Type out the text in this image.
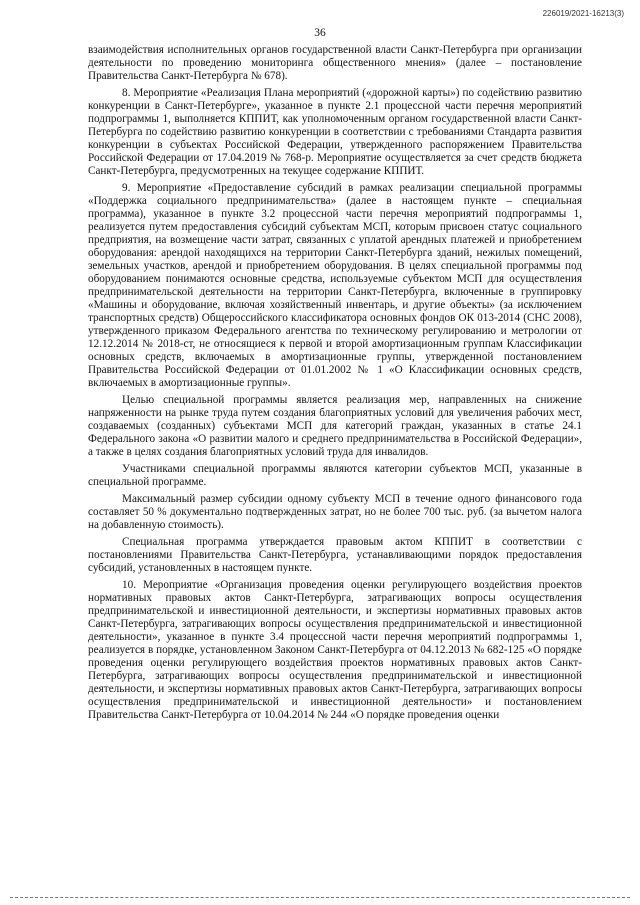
226019/2021-16213(3)
36

взаимодействия исполнительных органов государственной власти Санкт-Петербурга при организации деятельности по проведению мониторинга общественного мнения» (далее – постановление Правительства Санкт-Петербурга № 678).

8. Мероприятие «Реализация Плана мероприятий («дорожной карты») по содействию развитию конкуренции в Санкт-Петербурге», указанное в пункте 2.1 процессной части перечня мероприятий подпрограммы 1, выполняется КППИТ, как уполномоченным органом государственной власти Санкт-Петербурга по содействию развитию конкуренции в соответствии с требованиями Стандарта развития конкуренции в субъектах Российской Федерации, утвержденного распоряжением Правительства Российской Федерации от 17.04.2019 № 768-р. Мероприятие осуществляется за счет средств бюджета Санкт-Петербурга, предусмотренных на текущее содержание КППИТ.

9. Мероприятие «Предоставление субсидий в рамках реализации специальной программы «Поддержка социального предпринимательства» (далее в настоящем пункте – специальная программа), указанное в пункте 3.2 процессной части перечня мероприятий подпрограммы 1, реализуется путем предоставления субсидий субъектам МСП, которым присвоен статус социального предприятия, на возмещение части затрат, связанных с уплатой арендных платежей и приобретением оборудования: арендой находящихся на территории Санкт-Петербурга зданий, нежилых помещений, земельных участков, арендой и приобретением оборудования. В целях специальной программы под оборудованием понимаются основные средства, используемые субъектом МСП для осуществления предпринимательской деятельности на территории Санкт-Петербурга, включенные в группировку «Машины и оборудование, включая хозяйственный инвентарь, и другие объекты» (за исключением транспортных средств) Общероссийского классификатора основных фондов ОК 013-2014 (СНС 2008), утвержденного приказом Федерального агентства по техническому регулированию и метрологии от 12.12.2014 № 2018-ст, не относящиеся к первой и второй амортизационным группам Классификации основных средств, включаемых в амортизационные группы, утвержденной постановлением Правительства Российской Федерации от 01.01.2002 № 1 «О Классификации основных средств, включаемых в амортизационные группы».

Целью специальной программы является реализация мер, направленных на снижение напряженности на рынке труда путем создания благоприятных условий для увеличения рабочих мест, создаваемых (созданных) субъектами МСП для категорий граждан, указанных в статье 24.1 Федерального закона «О развитии малого и среднего предпринимательства в Российской Федерации», а также в целях создания благоприятных условий труда для инвалидов.

Участниками специальной программы являются категории субъектов МСП, указанные в специальной программе.

Максимальный размер субсидии одному субъекту МСП в течение одного финансового года составляет 50 % документально подтвержденных затрат, но не более 700 тыс. руб. (за вычетом налога на добавленную стоимость).

Специальная программа утверждается правовым актом КППИТ в соответствии с постановлениями Правительства Санкт-Петербурга, устанавливающими порядок предоставления субсидий, установленных в настоящем пункте.

10. Мероприятие «Организация проведения оценки регулирующего воздействия проектов нормативных правовых актов Санкт-Петербурга, затрагивающих вопросы осуществления предпринимательской и инвестиционной деятельности, и экспертизы нормативных правовых актов Санкт-Петербурга, затрагивающих вопросы осуществления предпринимательской и инвестиционной деятельности», указанное в пункте 3.4 процессной части перечня мероприятий подпрограммы 1, реализуется в порядке, установленном Законом Санкт-Петербурга от 04.12.2013 № 682-125 «О порядке проведения оценки регулирующего воздействия проектов нормативных правовых актов Санкт-Петербурга, затрагивающих вопросы осуществления предпринимательской и инвестиционной деятельности, и экспертизы нормативных правовых актов Санкт-Петербурга, затрагивающих вопросы осуществления предпринимательской и инвестиционной деятельности» и постановлением Правительства Санкт-Петербурга от 10.04.2014 № 244 «О порядке проведения оценки
